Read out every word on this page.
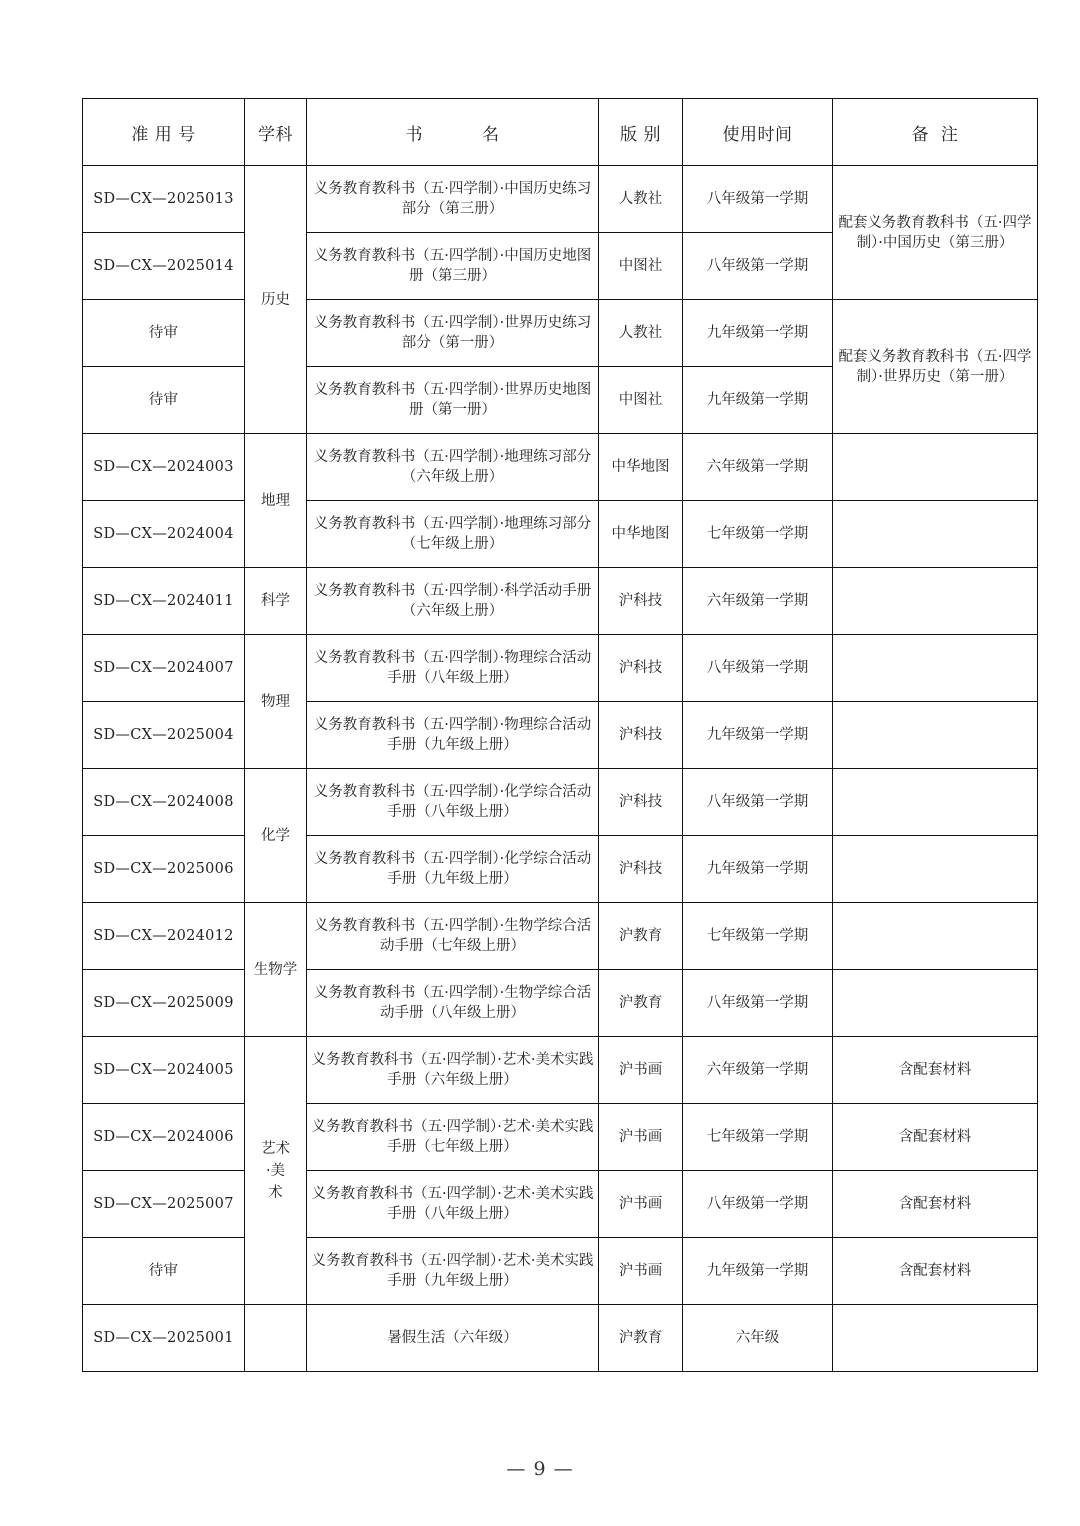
准 用 号	学科	书          名	版 别	使用时间	备  注
SD—CX—2025013	历史	义务教育教科书（五·四学制）·中国历史练习部分（第三册）	人教社	八年级第一学期	配套义务教育教科书（五·四学制）·中国历史（第三册）
SD—CX—2025014		义务教育教科书（五·四学制）·中国历史地图册（第三册）	中图社	八年级第一学期	
待审		义务教育教科书（五·四学制）·世界历史练习部分（第一册）	人教社	九年级第一学期	配套义务教育教科书（五·四学制）·世界历史（第一册）
待审		义务教育教科书（五·四学制）·世界历史地图册（第一册）	中图社	九年级第一学期	
SD—CX—2024003	地理	义务教育教科书（五·四学制）·地理练习部分（六年级上册）	中华地图	六年级第一学期	
SD—CX—2024004		义务教育教科书（五·四学制）·地理练习部分（七年级上册）	中华地图	七年级第一学期	
SD—CX—2024011	科学	义务教育教科书（五·四学制）·科学活动手册（六年级上册）	沪科技	六年级第一学期	
SD—CX—2024007	物理	义务教育教科书（五·四学制）·物理综合活动手册（八年级上册）	沪科技	八年级第一学期	
SD—CX—2025004		义务教育教科书（五·四学制）·物理综合活动手册（九年级上册）	沪科技	九年级第一学期	
SD—CX—2024008	化学	义务教育教科书（五·四学制）·化学综合活动手册（八年级上册）	沪科技	八年级第一学期	
SD—CX—2025006		义务教育教科书（五·四学制）·化学综合活动手册（九年级上册）	沪科技	九年级第一学期	
SD—CX—2024012	生物学	义务教育教科书（五·四学制）·生物学综合活动手册（七年级上册）	沪教育	七年级第一学期	
SD—CX—2025009		义务教育教科书（五·四学制）·生物学综合活动手册（八年级上册）	沪教育	八年级第一学期	
SD—CX—2024005	艺术·美术	义务教育教科书（五·四学制）·艺术·美术实践手册（六年级上册）	沪书画	六年级第一学期	含配套材料
SD—CX—2024006		义务教育教科书（五·四学制）·艺术·美术实践手册（七年级上册）	沪书画	七年级第一学期	含配套材料
SD—CX—2025007		义务教育教科书（五·四学制）·艺术·美术实践手册（八年级上册）	沪书画	八年级第一学期	含配套材料
待审		义务教育教科书（五·四学制）·艺术·美术实践手册（九年级上册）	沪书画	九年级第一学期	含配套材料
SD—CX—2025001		暑假生活（六年级）	沪教育	六年级	
— 9 —
